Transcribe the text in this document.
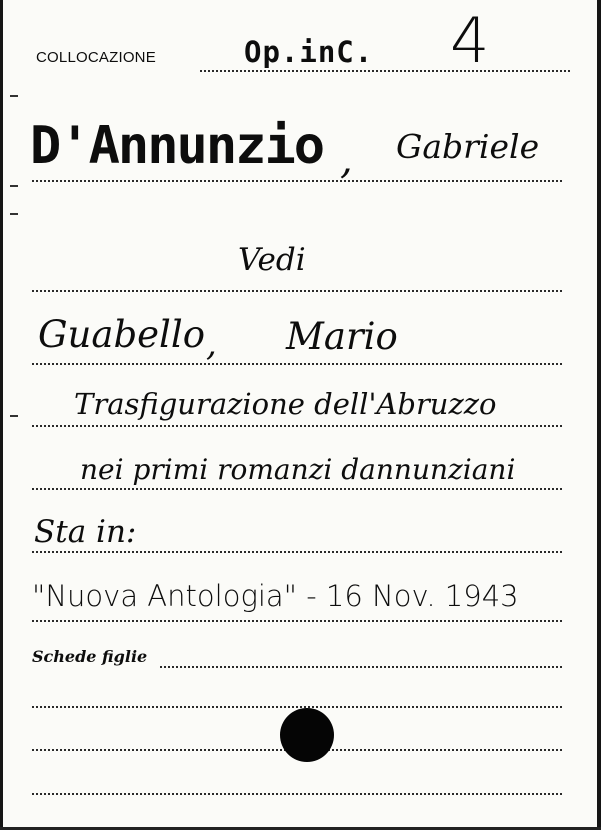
COLLOCAZIONE	Op.inC. 4
D'Annunzio , Gabriele
Vedi
Guabello , Mario
Trasfigurazione dell'Abruzzo
nei primi romanzi dannunziani
Sta in:
"Nuova Antologia" - 16 Nov. 1943
Schede figlie
